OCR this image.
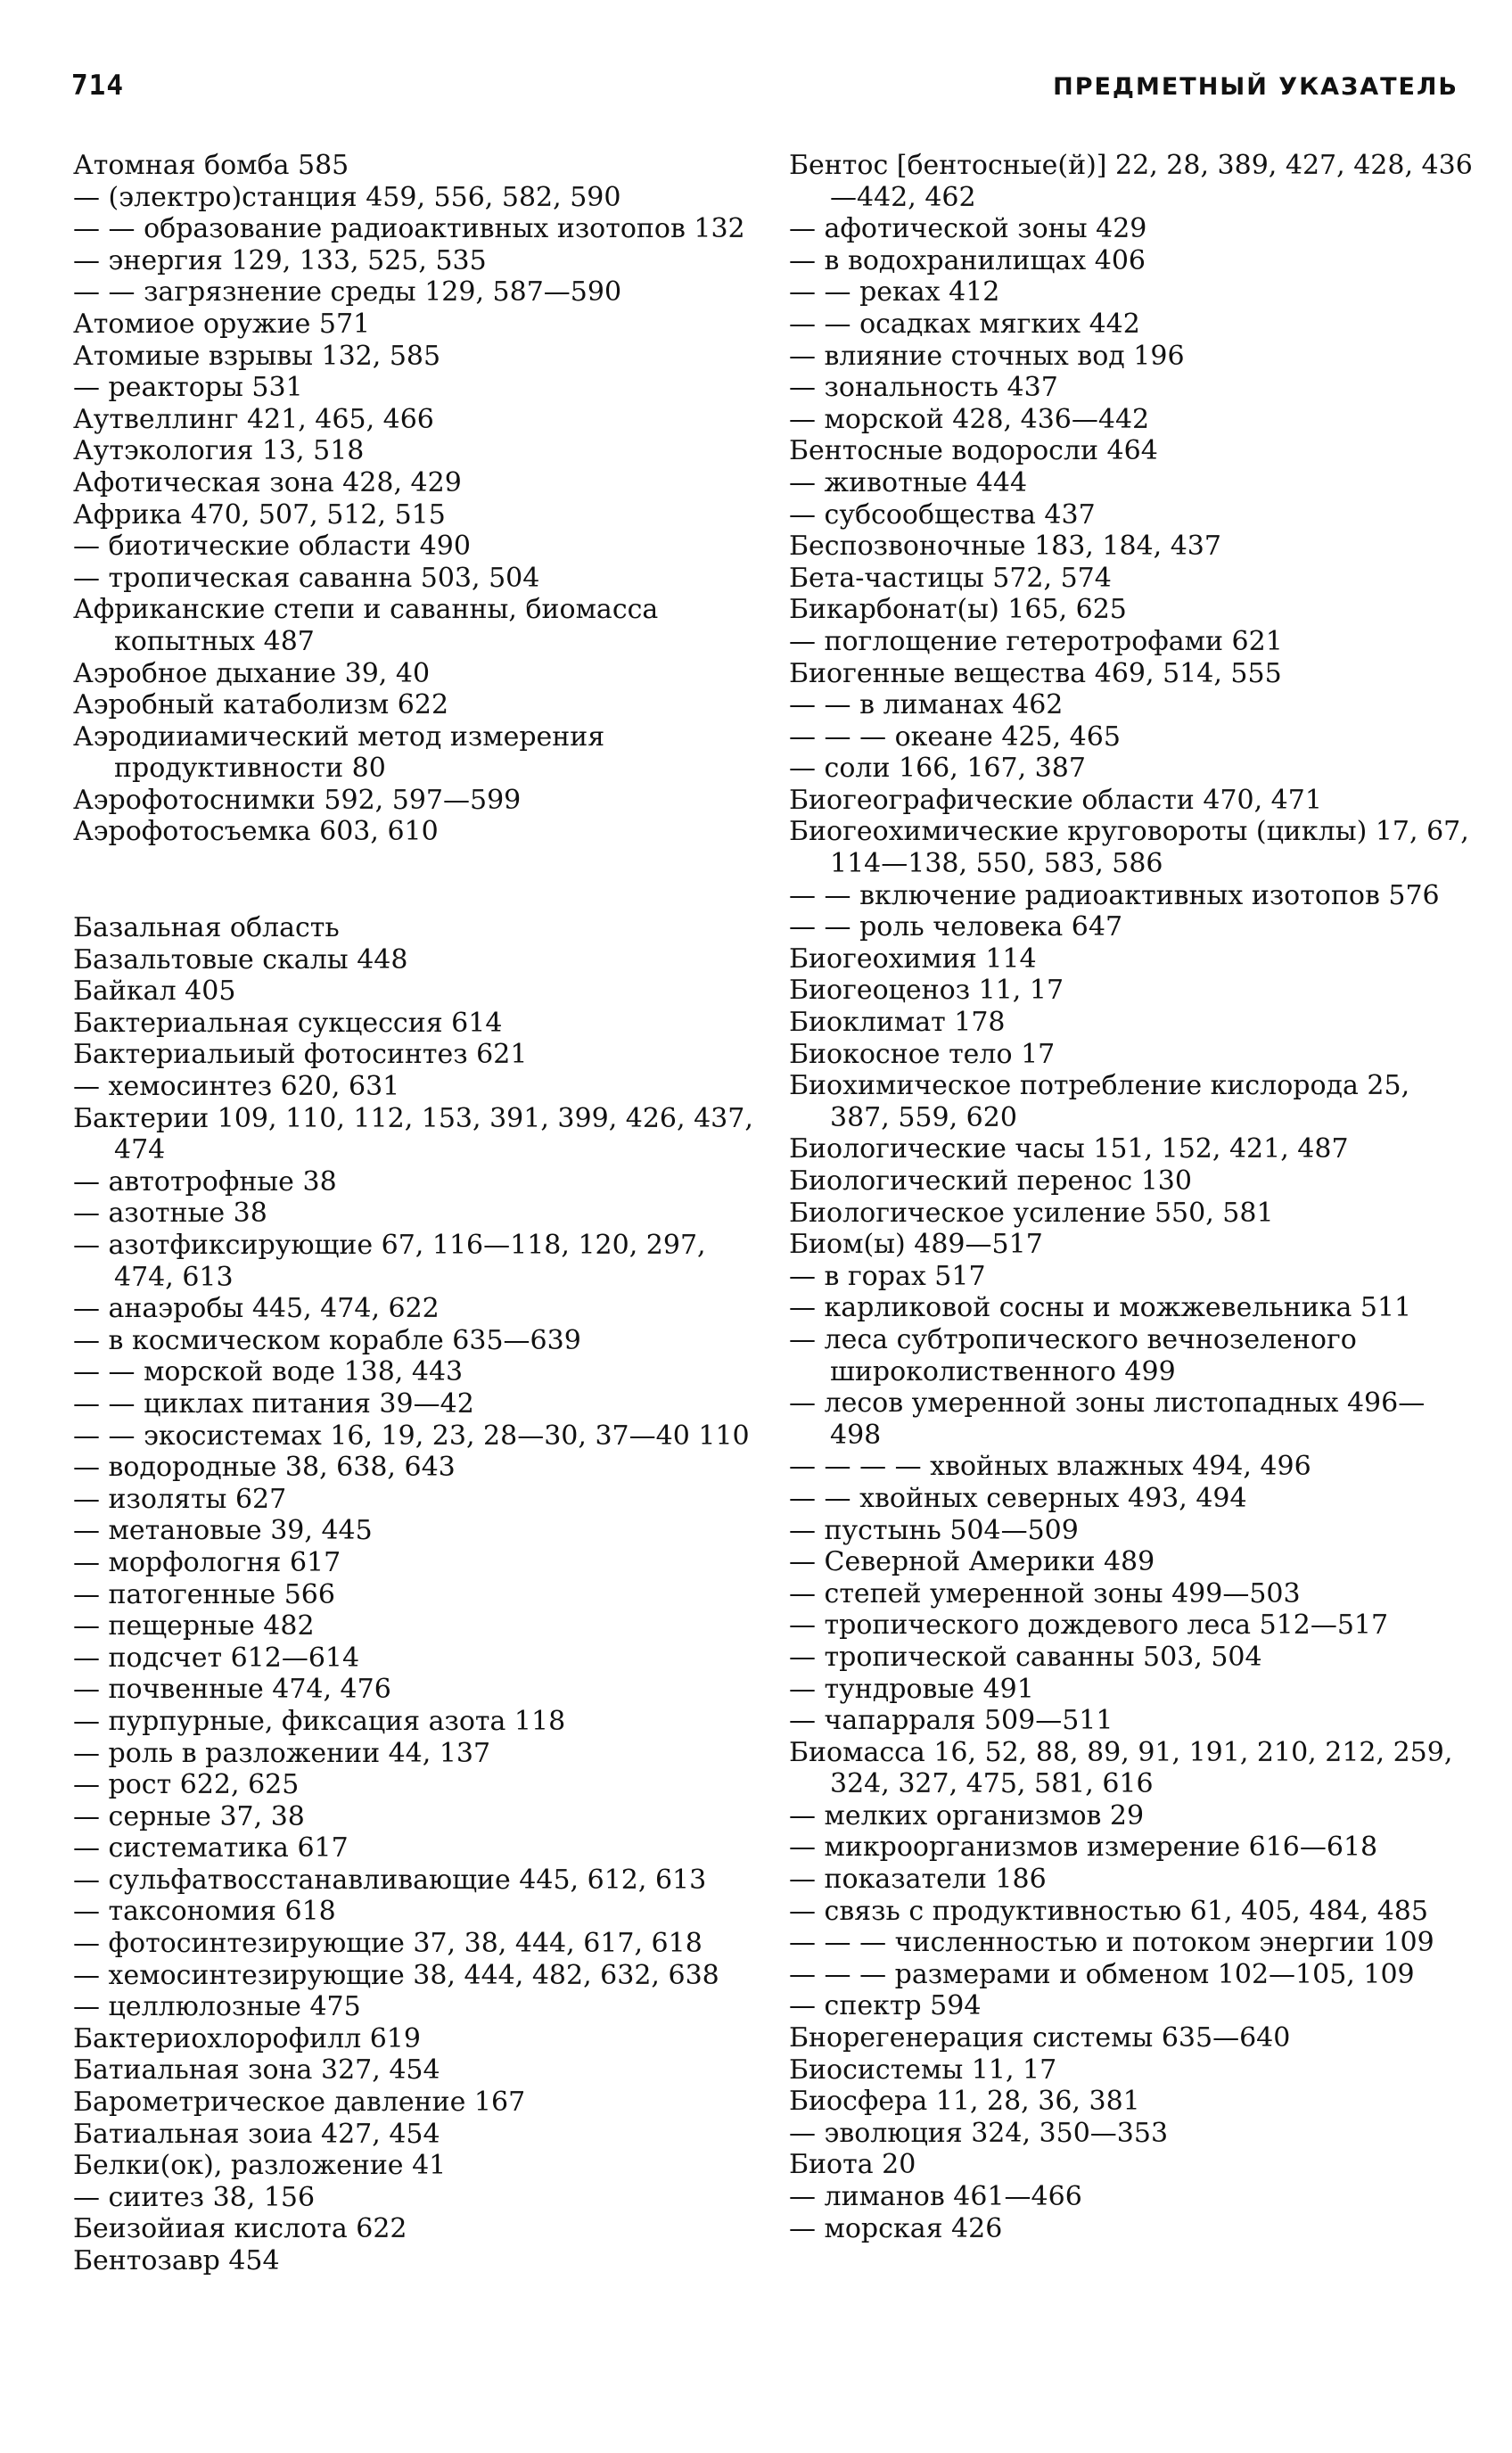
714	ПРЕДМЕТНЫЙ УКАЗАТЕЛЬ
Атомная бомба 585
— (электро)станция 459, 556, 582, 590
— — образование радиоактивных изотопов 132
— энергия 129, 133, 525, 535
— — загрязнение среды 129, 587—590
Атомиое оружие 571
Атомиые взрывы 132, 585
— реакторы 531
Аутвеллинг 421, 465, 466
Аутэкология 13, 518
Афотическая зона 428, 429
Африка 470, 507, 512, 515
— биотические области 490
— тропическая саванна 503, 504
Африканские степи и саванны, биомасса копытных 487
Аэробное дыхание 39, 40
Аэробный катаболизм 622
Аэродииамический метод измерения продуктивности 80
Аэрофотоснимки 592, 597—599
Аэрофотосъемка 603, 610
Базальная область
Базальтовые скалы 448
Байкал 405
Бактериальная сукцессия 614
Бактериальиый фотосинтез 621
— хемосинтез 620, 631
Бактерии 109, 110, 112, 153, 391, 399, 426, 437, 474
— автотрофные 38
— азотные 38
— азотфиксирующие 67, 116—118, 120, 297, 474, 613
— анаэробы 445, 474, 622
— в космическом корабле 635—639
— — морской воде 138, 443
— — циклах питания 39—42
— — экосистемах 16, 19, 23, 28—30, 37—40 110
— водородные 38, 638, 643
— изоляты 627
— метановые 39, 445
— морфологня 617
— патогенные 566
— пещерные 482
— подсчет 612—614
— почвенные 474, 476
— пурпурные, фиксация азота 118
— роль в разложении 44, 137
— рост 622, 625
— серные 37, 38
— систематика 617
— сульфатвосстанавливающие 445, 612, 613
— таксономия 618
— фотосинтезирующие 37, 38, 444, 617, 618
— хемосинтезирующие 38, 444, 482, 632, 638
— целлюлозные 475
Бактериохлорофилл 619
Батиальная зона 327, 454
Барометрическое давление 167
Батиальная зоиа 427, 454
Белки(ок), разложение 41
— сиитез 38, 156
Беизойиая кислота 622
Бентозавр 454
Бентос [бентосные(й)] 22, 28, 389, 427, 428, 436—442, 462
— афотической зоны 429
— в водохранилищах 406
— — реках 412
— — осадках мягких 442
— влияние сточных вод 196
— зональность 437
— морской 428, 436—442
Бентосные водоросли 464
— животные 444
— субсообщества 437
Беспозвоночные 183, 184, 437
Бета-частицы 572, 574
Бикарбонат(ы) 165, 625
— поглощение гетеротрофами 621
Биогенные вещества 469, 514, 555
— — в лиманах 462
— — — океане 425, 465
— соли 166, 167, 387
Биогеографические области 470, 471
Биогеохимические круговороты (циклы) 17, 67, 114—138, 550, 583, 586
— — включение радиоактивных изотопов 576
— — роль человека 647
Биогеохимия 114
Биогеоценоз 11, 17
Биоклимат 178
Биокосное тело 17
Биохимическое потребление кислорода 25, 387, 559, 620
Биологические часы 151, 152, 421, 487
Биологический перенос 130
Биологическое усиление 550, 581
Биом(ы) 489—517
— в горах 517
— карликовой сосны и можжевельника 511
— леса субтропического вечнозеленого широколиственного 499
— лесов умеренной зоны листопадных 496—498
— — — — хвойных влажных 494, 496
— — хвойных северных 493, 494
— пустынь 504—509
— Северной Америки 489
— степей умеренной зоны 499—503
— тропического дождевого леса 512—517
— тропической саванны 503, 504
— тундровые 491
— чапарраля 509—511
Биомасса 16, 52, 88, 89, 91, 191, 210, 212, 259, 324, 327, 475, 581, 616
— мелких организмов 29
— микроорганизмов измерение 616—618
— показатели 186
— связь с продуктивностью 61, 405, 484, 485
— — — численностью и потоком энергии 109
— — — размерами и обменом 102—105, 109
— спектр 594
Бнорегенерация системы 635—640
Биосистемы 11, 17
Биосфера 11, 28, 36, 381
— эволюция 324, 350—353
Биота 20
— лиманов 461—466
— морская 426
